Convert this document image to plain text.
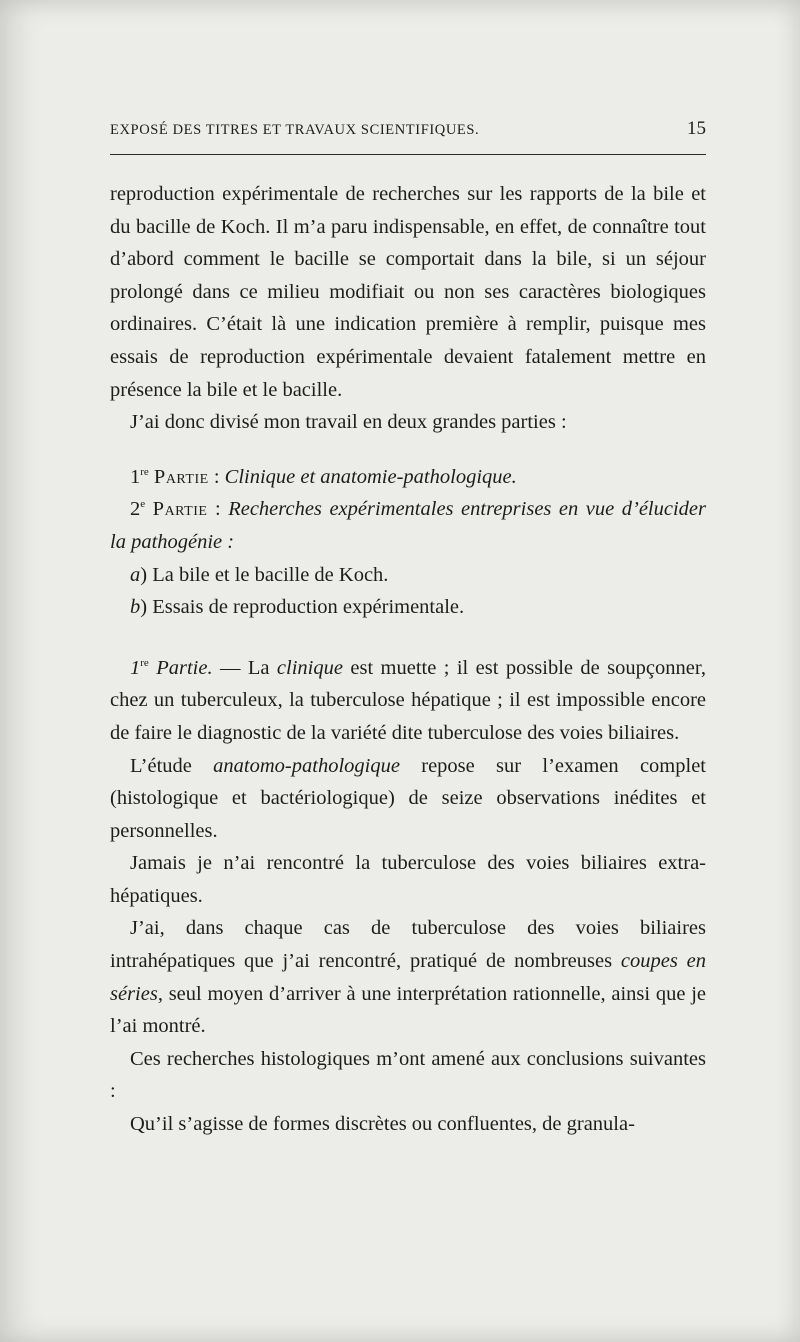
EXPOSÉ DES TITRES ET TRAVAUX SCIENTIFIQUES.	15

reproduction expérimentale de recherches sur les rapports de la bile et du bacille de Koch. Il m’a paru indispensable, en effet, de connaître tout d’abord comment le bacille se comportait dans la bile, si un séjour prolongé dans ce milieu modifiait ou non ses caractères biologiques ordinaires. C’était là une indication première à remplir, puisque mes essais de reproduction expérimentale devaient fatalement mettre en présence la bile et le bacille.

J’ai donc divisé mon travail en deux grandes parties :

1re Partie : Clinique et anatomie-pathologique.

2e Partie : Recherches expérimentales entreprises en vue d’élucider la pathogénie :

a) La bile et le bacille de Koch.

b) Essais de reproduction expérimentale.

1re Partie. — La clinique est muette ; il est possible de soupçonner, chez un tuberculeux, la tuberculose hépatique ; il est impossible encore de faire le diagnostic de la variété dite tuberculose des voies biliaires.

L’étude anatomo-pathologique repose sur l’examen complet (histologique et bactériologique) de seize observations inédites et personnelles.

Jamais je n’ai rencontré la tuberculose des voies biliaires extra-hépatiques.

J’ai, dans chaque cas de tuberculose des voies biliaires intrahépatiques que j’ai rencontré, pratiqué de nombreuses coupes en séries, seul moyen d’arriver à une interprétation rationnelle, ainsi que je l’ai montré.

Ces recherches histologiques m’ont amené aux conclusions suivantes :

Qu’il s’agisse de formes discrètes ou confluentes, de granula-
